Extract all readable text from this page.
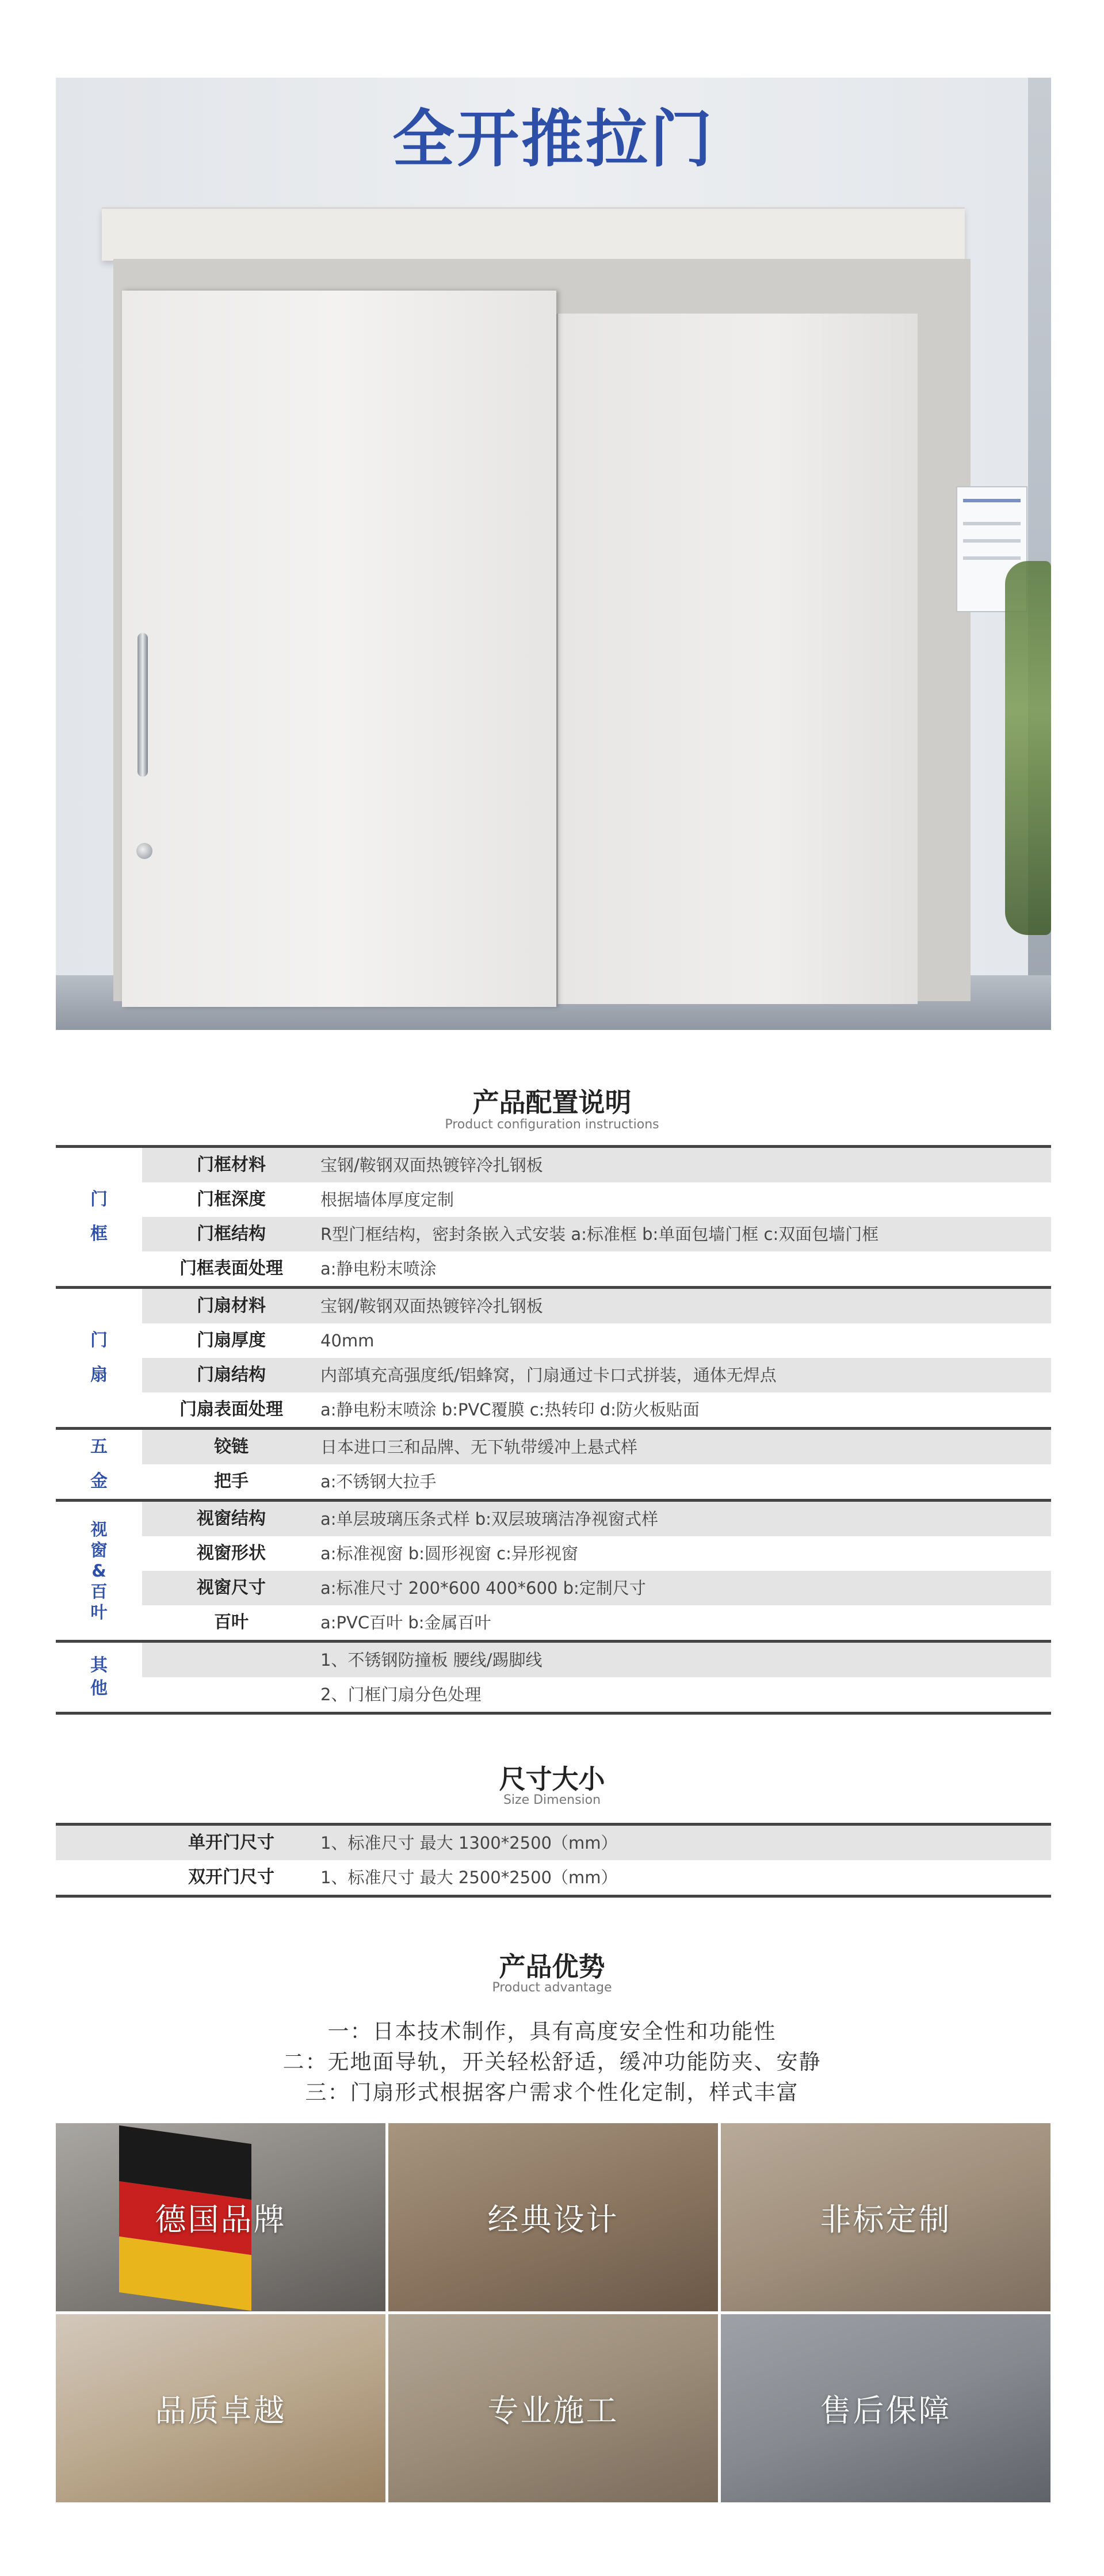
全开推拉门
产品配置说明
Product configuration instructions
门
框
门框材料	宝钢/鞍钢双面热镀锌冷扎钢板
门框深度	根据墙体厚度定制
门框结构	R型门框结构，密封条嵌入式安装 a:标准框 b:单面包墙门框 c:双面包墙门框
门框表面处理	a:静电粉末喷涂
门
扇
门扇材料	宝钢/鞍钢双面热镀锌冷扎钢板
门扇厚度	40mm
门扇结构	内部填充高强度纸/铝蜂窝，门扇通过卡口式拼装，通体无焊点
门扇表面处理	a:静电粉末喷涂 b:PVC覆膜 c:热转印 d:防火板贴面
五
金
铰链	日本进口三和品牌、无下轨带缓冲上悬式样
把手	a:不锈钢大拉手
视
窗
&
百
叶
视窗结构	a:单层玻璃压条式样 b:双层玻璃洁净视窗式样
视窗形状	a:标准视窗 b:圆形视窗 c:异形视窗
视窗尺寸	a:标准尺寸 200*600 400*600 b:定制尺寸
百叶	a:PVC百叶 b:金属百叶
其
他
1、不锈钢防撞板 腰线/踢脚线
2、门框门扇分色处理
尺寸大小
Size Dimension
单开门尺寸	1、标准尺寸 最大 1300*2500（mm）
双开门尺寸	1、标准尺寸 最大 2500*2500（mm）
产品优势
Product advantage
一：日本技术制作，具有高度安全性和功能性
二：无地面导轨，开关轻松舒适，缓冲功能防夹、安静
三：门扇形式根据客户需求个性化定制，样式丰富
德国品牌	经典设计	非标定制
品质卓越	专业施工	售后保障
